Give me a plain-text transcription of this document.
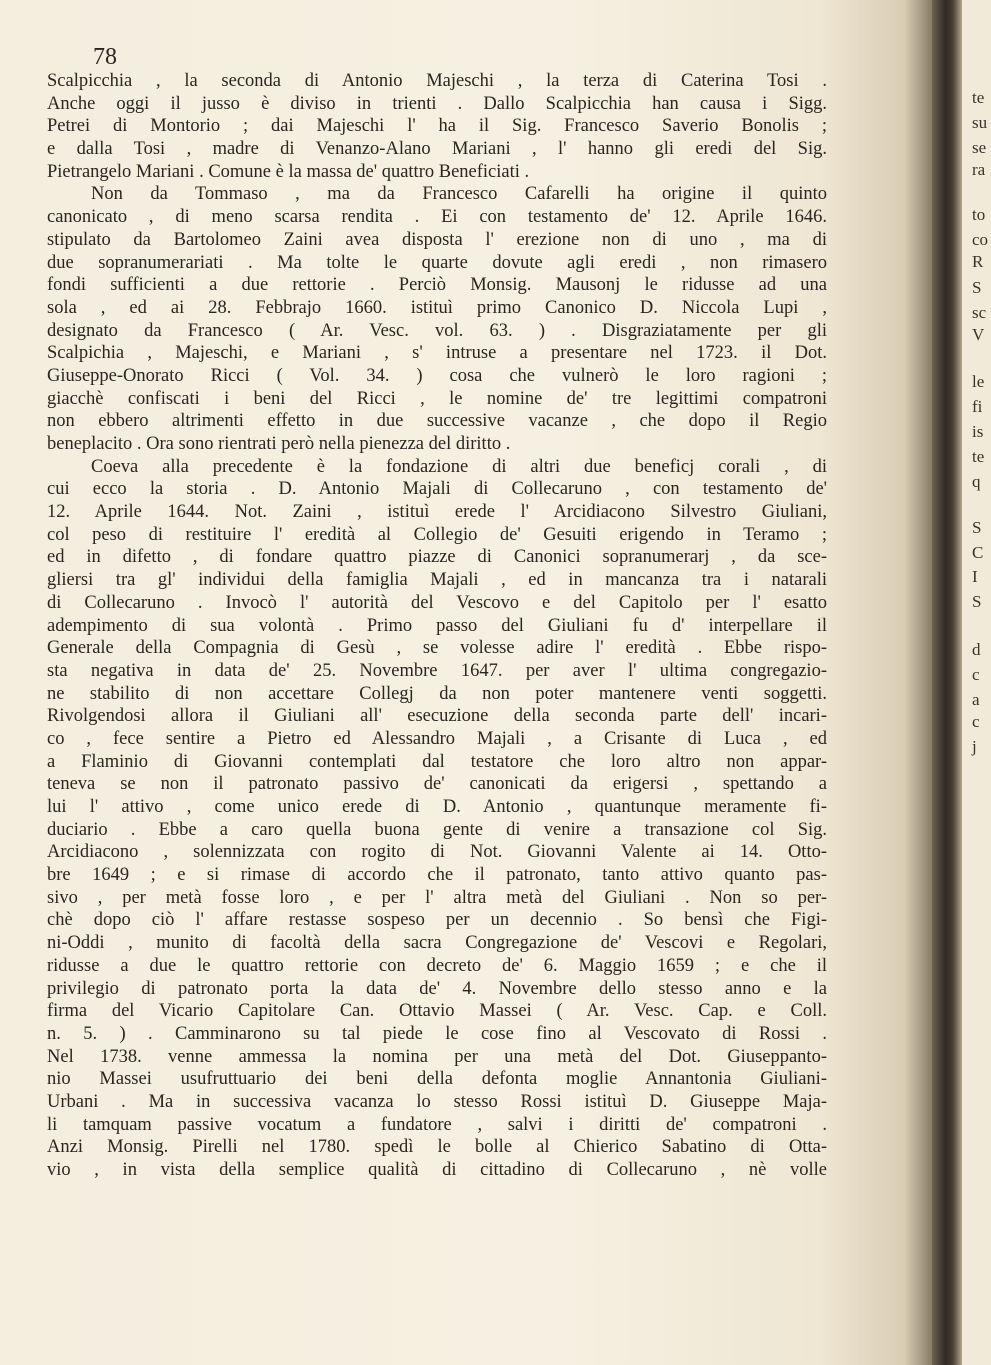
78
Scalpicchia , la seconda di Antonio Majeschi , la terza di Caterina Tosi .
Anche oggi il jusso è diviso in trienti . Dallo Scalpicchia han causa i Sigg.
Petrei di Montorio ; dai Majeschi l' ha il Sig. Francesco Saverio Bonolis ;
e dalla Tosi , madre di Venanzo-Alano Mariani , l' hanno gli eredi del Sig.
Pietrangelo Mariani . Comune è la massa de' quattro Beneficiati .
Non da Tommaso , ma da Francesco Cafarelli ha origine il quinto
canonicato , di meno scarsa rendita . Ei con testamento de' 12. Aprile 1646.
stipulato da Bartolomeo Zaini avea disposta l' erezione non di uno , ma di
due sopranumerariati . Ma tolte le quarte dovute agli eredi , non rimasero
fondi sufficienti a due rettorie . Perciò Monsig. Mausonj le ridusse ad una
sola , ed ai 28. Febbrajo 1660. istituì primo Canonico D. Niccola Lupi ,
designato da Francesco ( Ar. Vesc. vol. 63. ) . Disgraziatamente per gli
Scalpichia , Majeschi, e Mariani , s' intruse a presentare nel 1723. il Dot.
Giuseppe-Onorato Ricci ( Vol. 34. ) cosa che vulnerò le loro ragioni ;
giacchè confiscati i beni del Ricci , le nomine de' tre legittimi compatroni
non ebbero altrimenti effetto in due successive vacanze , che dopo il Regio
beneplacito . Ora sono rientrati però nella pienezza del diritto .
Coeva alla precedente è la fondazione di altri due beneficj corali , di
cui ecco la storia . D. Antonio Majali di Collecaruno , con testamento de'
12. Aprile 1644. Not. Zaini , istituì erede l' Arcidiacono Silvestro Giuliani,
col peso di restituire l' eredità al Collegio de' Gesuiti erigendo in Teramo ;
ed in difetto , di fondare quattro piazze di Canonici sopranumerarj , da sce-
gliersi tra gl' individui della famiglia Majali , ed in mancanza tra i natarali
di Collecaruno . Invocò l' autorità del Vescovo e del Capitolo per l' esatto
adempimento di sua volontà . Primo passo del Giuliani fu d' interpellare il
Generale della Compagnia di Gesù , se volesse adire l' eredità . Ebbe rispo-
sta negativa in data de' 25. Novembre 1647. per aver l' ultima congregazio-
ne stabilito di non accettare Collegj da non poter mantenere venti soggetti.
Rivolgendosi allora il Giuliani all' esecuzione della seconda parte dell' incari-
co , fece sentire a Pietro ed Alessandro Majali , a Crisante di Luca , ed
a Flaminio di Giovanni contemplati dal testatore che loro altro non appar-
teneva se non il patronato passivo de' canonicati da erigersi , spettando a
lui l' attivo , come unico erede di D. Antonio , quantunque meramente fi-
duciario . Ebbe a caro quella buona gente di venire a transazione col Sig.
Arcidiacono , solennizzata con rogito di Not. Giovanni Valente ai 14. Otto-
bre 1649 ; e si rimase di accordo che il patronato, tanto attivo quanto pas-
sivo , per metà fosse loro , e per l' altra metà del Giuliani . Non so per-
chè dopo ciò l' affare restasse sospeso per un decennio . So bensì che Figi-
ni-Oddi , munito di facoltà della sacra Congregazione de' Vescovi e Regolari,
ridusse a due le quattro rettorie con decreto de' 6. Maggio 1659 ; e che il
privilegio di patronato porta la data de' 4. Novembre dello stesso anno e la
firma del Vicario Capitolare Can. Ottavio Massei ( Ar. Vesc. Cap. e Coll.
n. 5. ) . Camminarono su tal piede le cose fino al Vescovato di Rossi .
Nel 1738. venne ammessa la nomina per una metà del Dot. Giuseppanto-
nio Massei usufruttuario dei beni della defonta moglie Annantonia Giuliani-
Urbani . Ma in successiva vacanza lo stesso Rossi istituì D. Giuseppe Maja-
li tamquam passive vocatum a fundatore , salvi i diritti de' compatroni .
Anzi Monsig. Pirelli nel 1780. spedì le bolle al Chierico Sabatino di Otta-
vio , in vista della semplice qualità di cittadino di Collecaruno , nè volle
te
su
se
ra
to
co
R
S
sc
V
le
fi
is
te
q
S
C
I
S
d
c
a
c
j
